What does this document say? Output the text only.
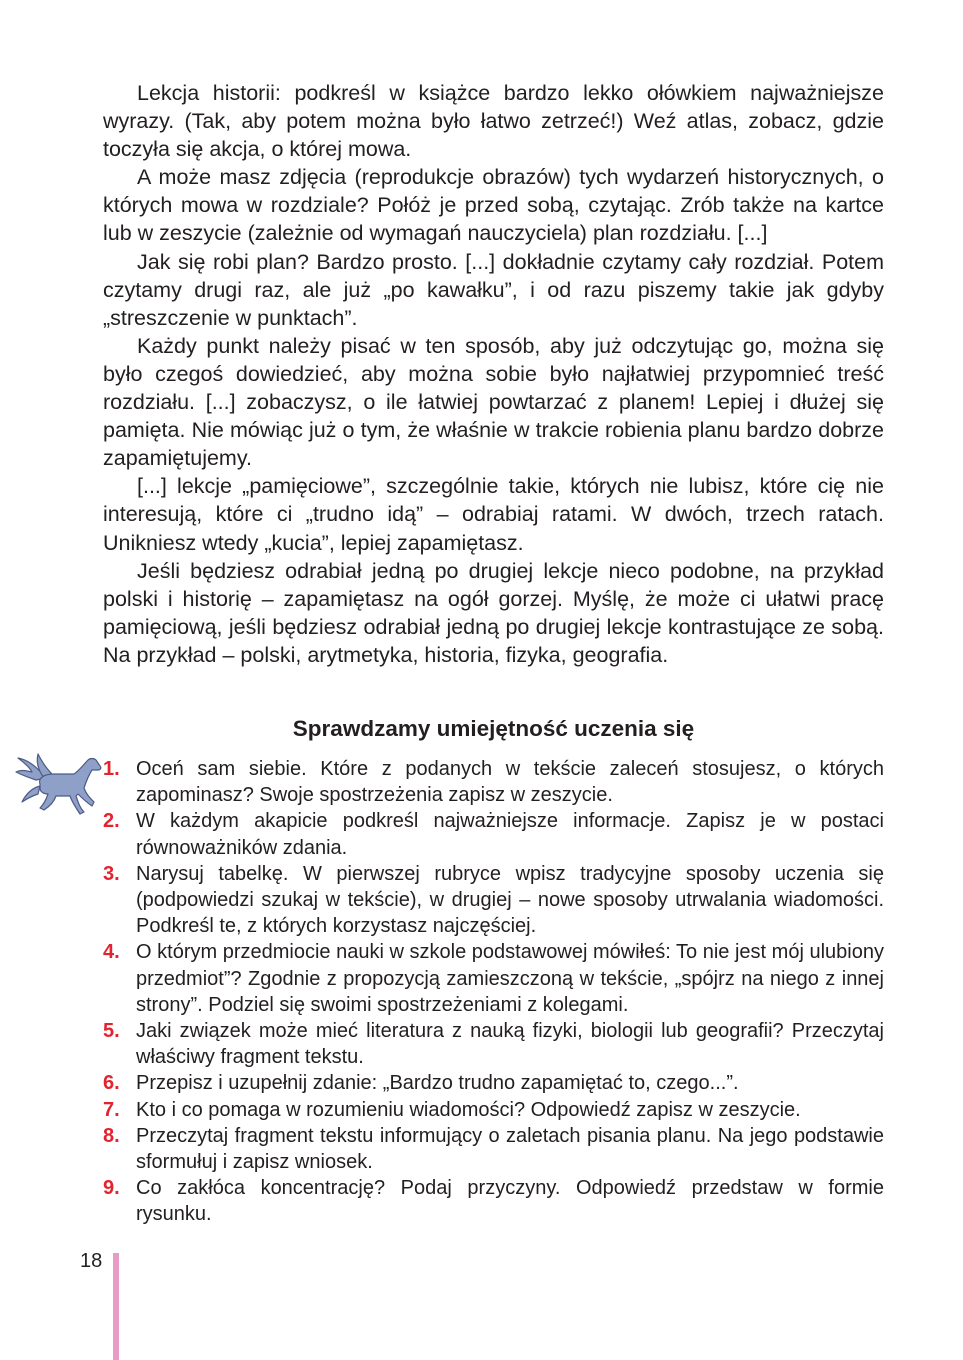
Lekcja historii: podkreśl w książce bardzo lekko ołówkiem najważniejsze wyrazy. (Tak, aby potem można było łatwo zetrzeć!) Weź atlas, zobacz, gdzie toczyła się akcja, o której mowa.

A może masz zdjęcia (reprodukcje obrazów) tych wydarzeń historycznych, o których mowa w rozdziale? Połóż je przed sobą, czytając. Zrób także na kartce lub w zeszycie (zależnie od wymagań nauczyciela) plan rozdziału. [...]

Jak się robi plan? Bardzo prosto. [...] dokładnie czytamy cały rozdział. Potem czytamy drugi raz, ale już „po kawałku”, i od razu piszemy takie jak gdyby „streszczenie w punktach”.

Każdy punkt należy pisać w ten sposób, aby już odczytując go, można się było czegoś dowiedzieć, aby można sobie było najłatwiej przypomnieć treść rozdziału. [...] zobaczysz, o ile łatwiej powtarzać z planem! Lepiej i dłużej się pamięta. Nie mówiąc już o tym, że właśnie w trakcie robienia planu bardzo dobrze zapamiętujemy.

[...] lekcje „pamięciowe”, szczególnie takie, których nie lubisz, które cię nie interesują, które ci „trudno idą” – odrabiaj ratami. W dwóch, trzech ratach. Unikniesz wtedy „kucia”, lepiej zapamiętasz.

Jeśli będziesz odrabiał jedną po drugiej lekcje nieco podobne, na przykład polski i historię – zapamiętasz na ogół gorzej. Myślę, że może ci ułatwi pracę pamięciową, jeśli będziesz odrabiał jedną po drugiej lekcje kontrastujące ze sobą. Na przykład – polski, arytmetyka, historia, fizyka, geografia.

Sprawdzamy umiejętność uczenia się
1. Oceń sam siebie. Które z podanych w tekście zaleceń stosujesz, o których zapominasz? Swoje spostrzeżenia zapisz w zeszycie.
2. W każdym akapicie podkreśl najważniejsze informacje. Zapisz je w postaci równoważników zdania.
3. Narysuj tabelkę. W pierwszej rubryce wpisz tradycyjne sposoby uczenia się (podpowiedzi szukaj w tekście), w drugiej – nowe sposoby utrwalania wiadomości. Podkreśl te, z których korzystasz najczęściej.
4. O którym przedmiocie nauki w szkole podstawowej mówiłeś: To nie jest mój ulubiony przedmiot”? Zgodnie z propozycją zamieszczoną w tekście, „spójrz na niego z innej strony”. Podziel się swoimi spostrzeżeniami z kolegami.
5. Jaki związek może mieć literatura z nauką fizyki, biologii lub geografii? Przeczytaj właściwy fragment tekstu.
6. Przepisz i uzupełnij zdanie: „Bardzo trudno zapamiętać to, czego...”.
7. Kto i co pomaga w rozumieniu wiadomości? Odpowiedź zapisz w zeszycie.
8. Przeczytaj fragment tekstu informujący o zaletach pisania planu. Na jego podstawie sformułuj i zapisz wniosek.
9. Co zakłóca koncentrację? Podaj przyczyny. Odpowiedź przedstaw w formie rysunku.
18
